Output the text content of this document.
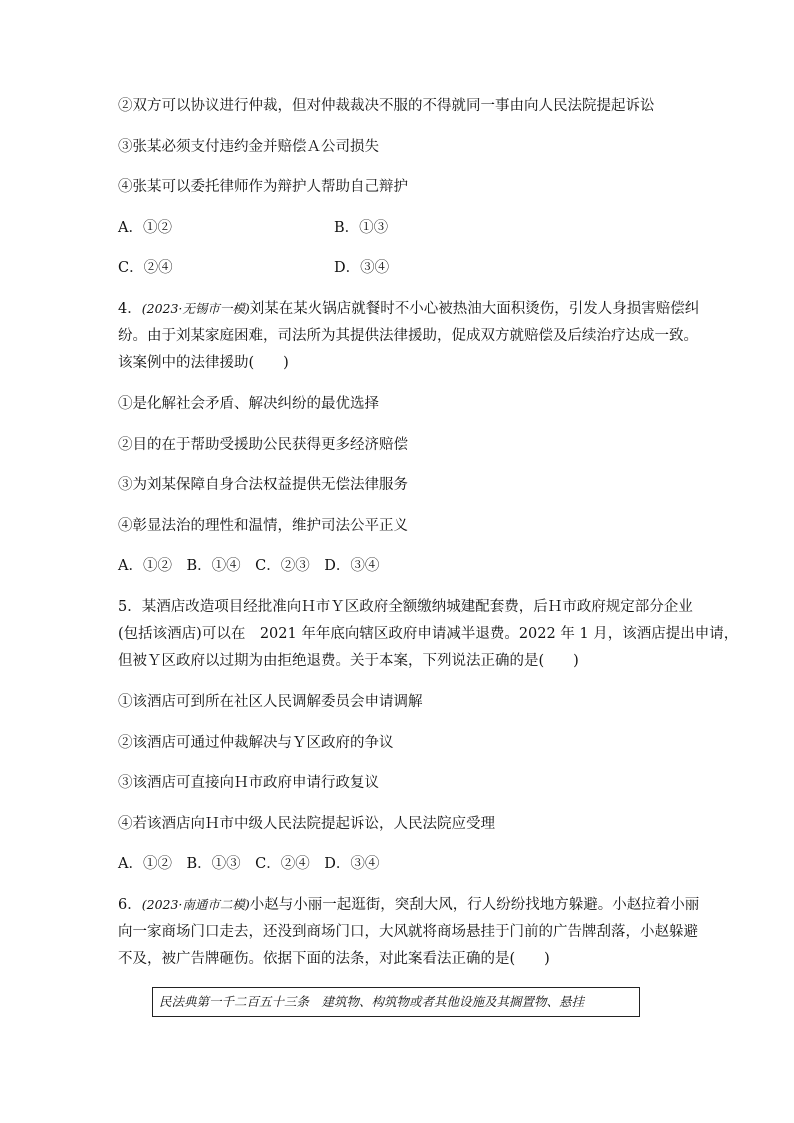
②双方可以协议进行仲裁，但对仲裁裁决不服的不得就同一事由向人民法院提起诉讼

③张某必须支付违约金并赔偿Ａ公司损失

④张某可以委托律师作为辩护人帮助自己辩护

A．①②	B．①③

C．②④	D．③④

4．(2023·无锡市一模)刘某在某火锅店就餐时不小心被热油大面积烫伤，引发人身损害赔偿纠

纷。由于刘某家庭困难，司法所为其提供法律援助，促成双方就赔偿及后续治疗达成一致。

该案例中的法律援助(　　)

①是化解社会矛盾、解决纠纷的最优选择

②目的在于帮助受援助公民获得更多经济赔偿

③为刘某保障自身合法权益提供无偿法律服务

④彰显法治的理性和温情，维护司法公平正义

A．①②　B．①④　C．②③　D．③④

5．某酒店改造项目经批准向Ｈ市Ｙ区政府全额缴纳城建配套费，后Ｈ市政府规定部分企业

(包括该酒店)可以在　2021 年年底向辖区政府申请减半退费。2022 年 1 月，该酒店提出申请，

但被Ｙ区政府以过期为由拒绝退费。关于本案，下列说法正确的是(　　)

①该酒店可到所在社区人民调解委员会申请调解

②该酒店可通过仲裁解决与Ｙ区政府的争议

③该酒店可直接向Ｈ市政府申请行政复议

④若该酒店向Ｈ市中级人民法院提起诉讼，人民法院应受理

A．①②　B．①③　C．②④　D．③④

6．(2023·南通市二模)小赵与小丽一起逛街，突刮大风，行人纷纷找地方躲避。小赵拉着小丽

向一家商场门口走去，还没到商场门口，大风就将商场悬挂于门前的广告牌刮落，小赵躲避

不及，被广告牌砸伤。依据下面的法条，对此案看法正确的是(　　)

民法典第一千二百五十三条　建筑物、构筑物或者其他设施及其搁置物、悬挂
